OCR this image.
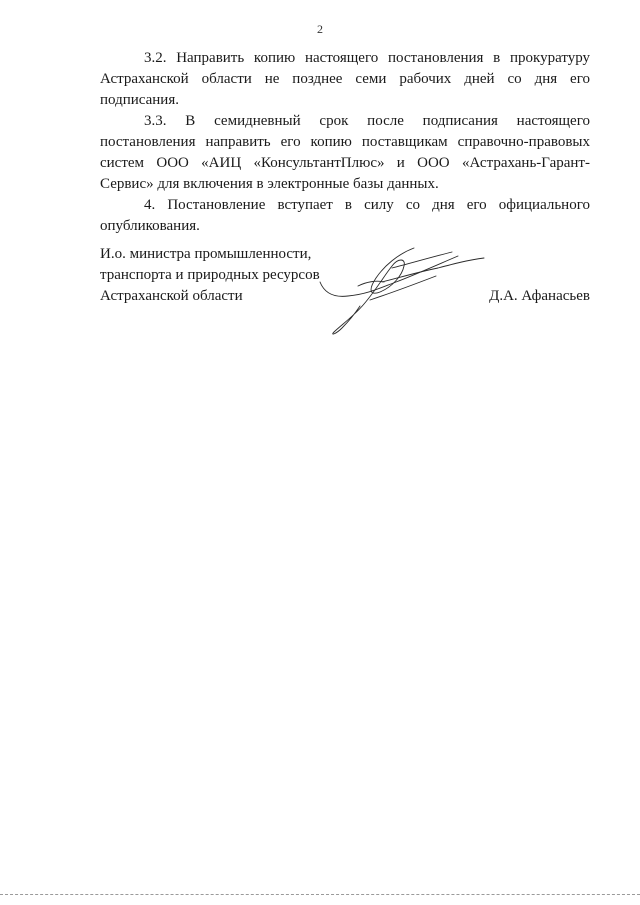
2

3.2. Направить копию настоящего постановления в прокуратуру Астраханской области не позднее семи рабочих дней со дня его подписания.

3.3. В семидневный срок после подписания настоящего постановления направить его копию поставщикам справочно-правовых систем ООО «АИЦ «КонсультантПлюс» и ООО «Астрахань-Гарант-Сервис» для включения в электронные базы данных.

4. Постановление вступает в силу со дня его официального опубликования.

И.о. министра промышленности,
транспорта и природных ресурсов
Астраханской области	Д.А. Афанасьев
